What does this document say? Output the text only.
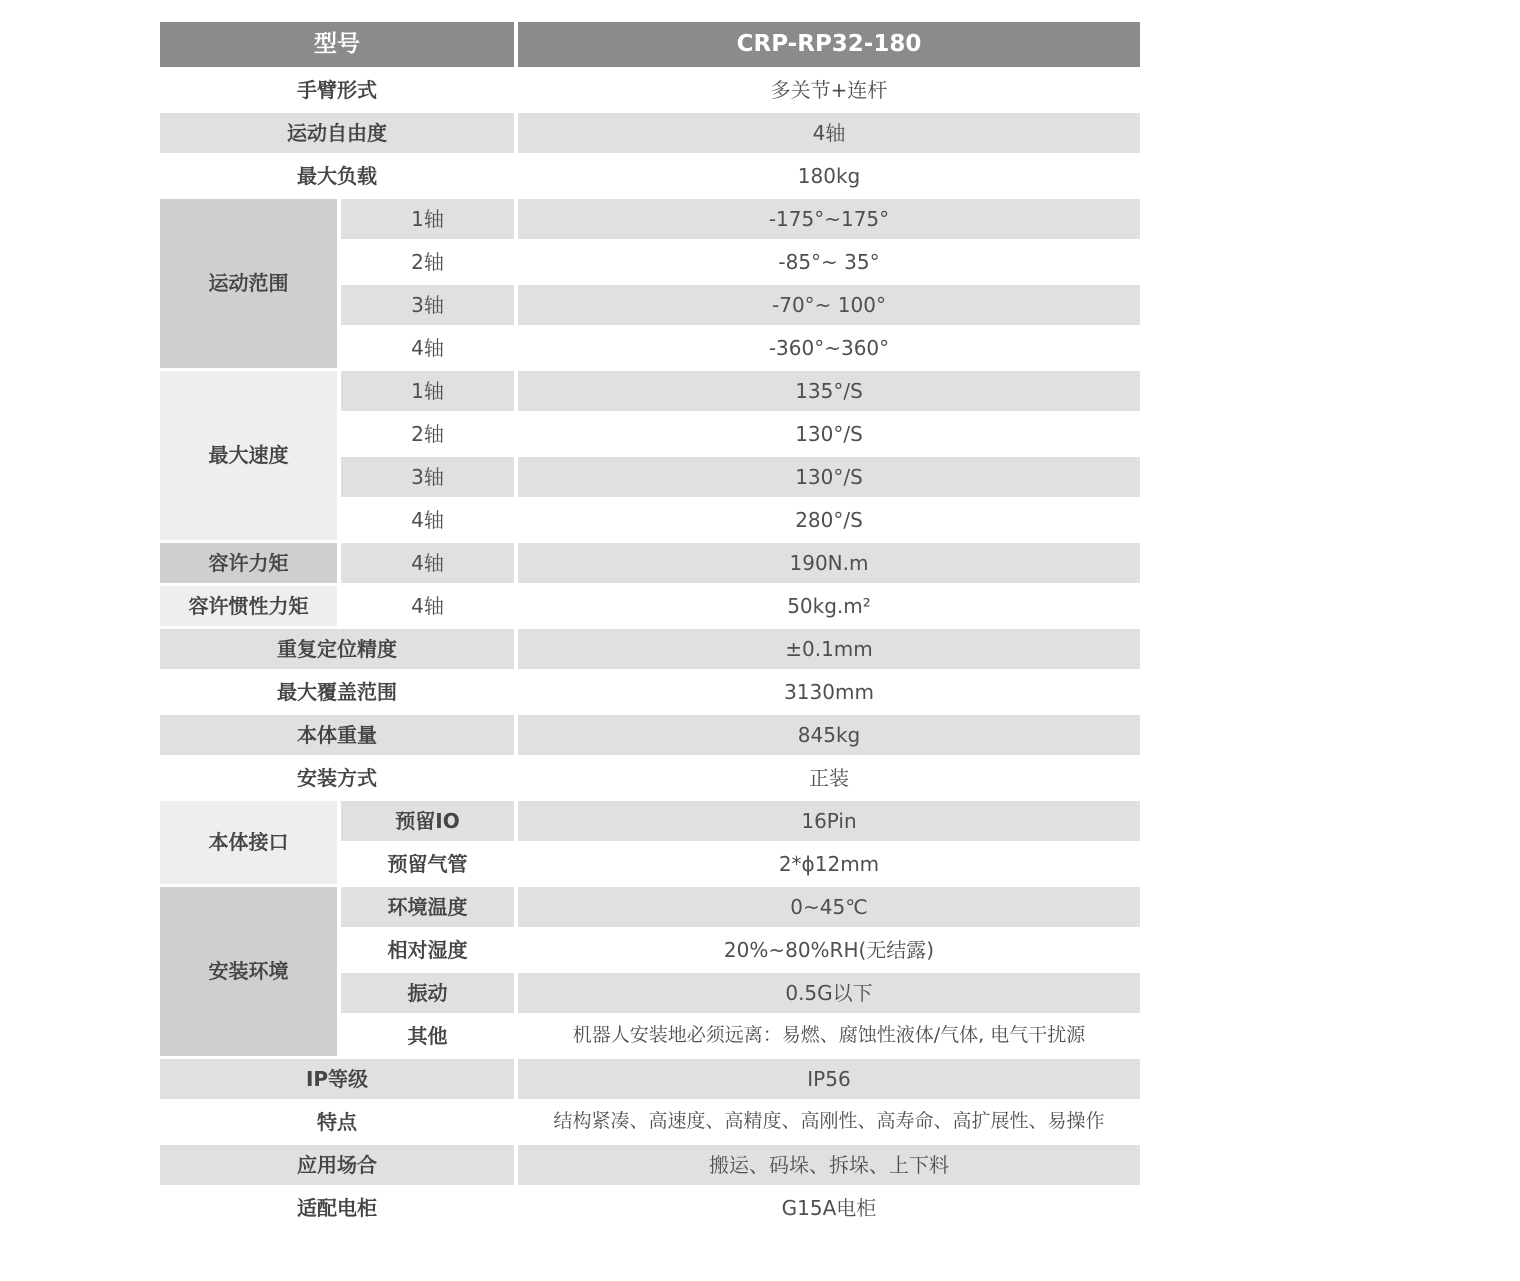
型号		CRP-RP32-180
手臂形式		多关节+连杆
运动自由度		4轴
最大负载		180kg
运动范围	1轴	-175°~175°
	2轴	-85°~ 35°
	3轴	-70°~ 100°
	4轴	-360°~360°
最大速度	1轴	135°/S
	2轴	130°/S
	3轴	130°/S
	4轴	280°/S
容许力矩	4轴	190N.m
容许惯性力矩	4轴	50kg.m²
重复定位精度		±0.1mm
最大覆盖范围		3130mm
本体重量		845kg
安装方式		正装
本体接口	预留IO	16Pin
	预留气管	2*ϕ12mm
安装环境	环境温度	0~45℃
	相对湿度	20%~80%RH(无结露)
	振动	0.5G以下
	其他	机器人安装地必须远离：易燃、腐蚀性液体/气体, 电气干扰源
IP等级		IP56
特点		结构紧凑、高速度、高精度、高刚性、高寿命、高扩展性、易操作
应用场合		搬运、码垛、拆垛、上下料
适配电柜		G15A电柜
